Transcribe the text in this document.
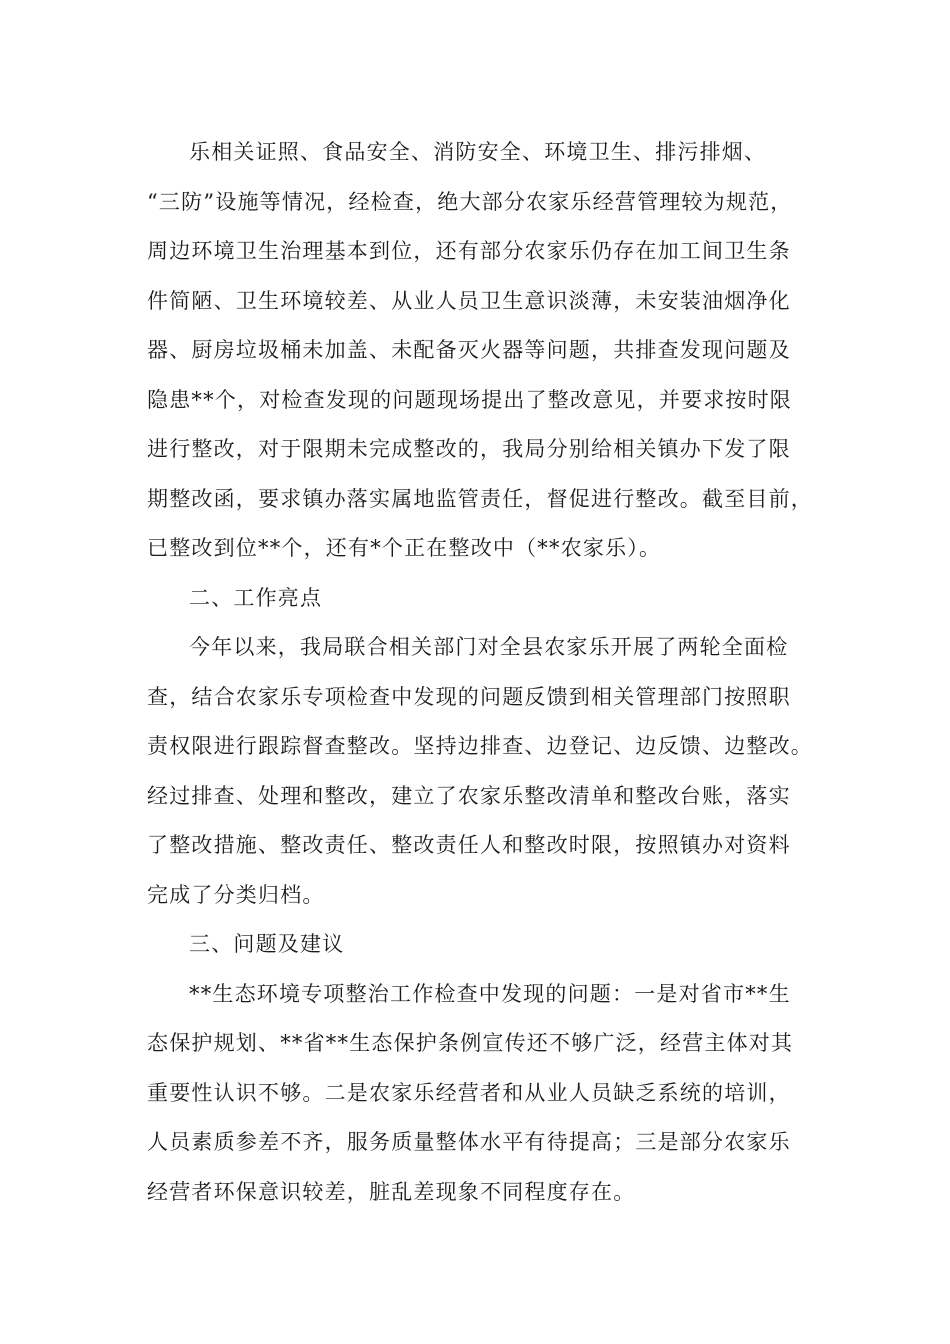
乐相关证照、食品安全、消防安全、环境卫生、排污排烟、
“三防”设施等情况，经检查，绝大部分农家乐经营管理较为规范，
周边环境卫生治理基本到位，还有部分农家乐仍存在加工间卫生条
件简陋、卫生环境较差、从业人员卫生意识淡薄，未安装油烟净化
器、厨房垃圾桶未加盖、未配备灭火器等问题，共排查发现问题及
隐患**个，对检查发现的问题现场提出了整改意见，并要求按时限
进行整改，对于限期未完成整改的，我局分别给相关镇办下发了限
期整改函，要求镇办落实属地监管责任，督促进行整改。截至目前，
已整改到位**个，还有*个正在整改中（**农家乐）。
二、工作亮点
今年以来，我局联合相关部门对全县农家乐开展了两轮全面检
查，结合农家乐专项检查中发现的问题反馈到相关管理部门按照职
责权限进行跟踪督查整改。坚持边排查、边登记、边反馈、边整改。
经过排查、处理和整改，建立了农家乐整改清单和整改台账，落实
了整改措施、整改责任、整改责任人和整改时限，按照镇办对资料
完成了分类归档。
三、问题及建议
**生态环境专项整治工作检查中发现的问题：一是对省市**生
态保护规划、**省**生态保护条例宣传还不够广泛，经营主体对其
重要性认识不够。二是农家乐经营者和从业人员缺乏系统的培训，
人员素质参差不齐，服务质量整体水平有待提高；三是部分农家乐
经营者环保意识较差，脏乱差现象不同程度存在。
